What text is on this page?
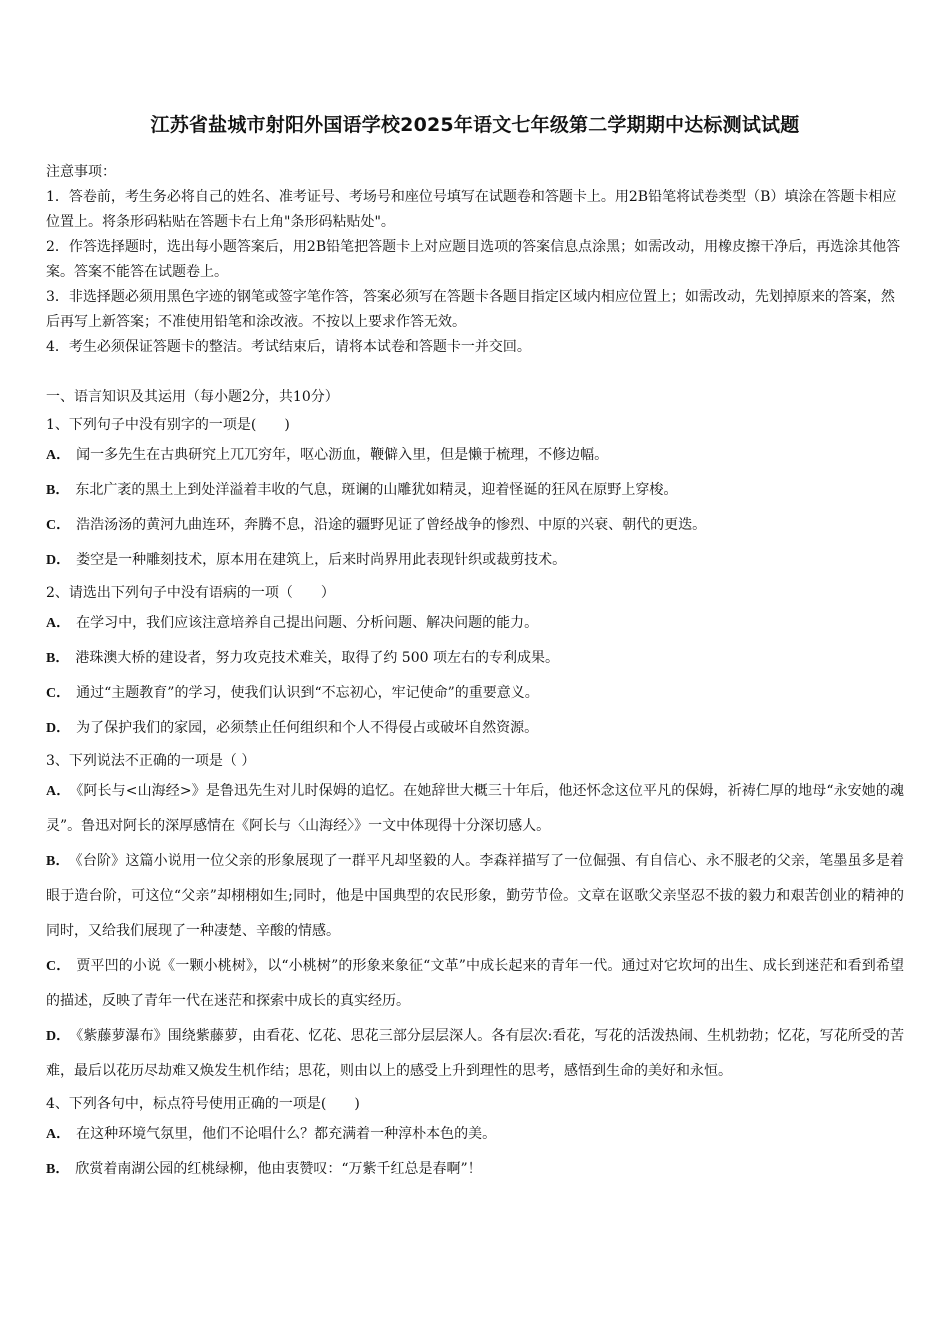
江苏省盐城市射阳外国语学校2025年语文七年级第二学期期中达标测试试题

注意事项：

1．答卷前，考生务必将自己的姓名、准考证号、考场号和座位号填写在试题卷和答题卡上。用2B铅笔将试卷类型（B）填涂在答题卡相应位置上。将条形码粘贴在答题卡右上角"条形码粘贴处"。

2．作答选择题时，选出每小题答案后，用2B铅笔把答题卡上对应题目选项的答案信息点涂黑；如需改动，用橡皮擦干净后，再选涂其他答案。答案不能答在试题卷上。

3．非选择题必须用黑色字迹的钢笔或签字笔作答，答案必须写在答题卡各题目指定区域内相应位置上；如需改动，先划掉原来的答案，然后再写上新答案；不准使用铅笔和涂改液。不按以上要求作答无效。

4．考生必须保证答题卡的整洁。考试结束后，请将本试卷和答题卡一并交回。

一、语言知识及其运用（每小题2分，共10分）

1、下列句子中没有别字的一项是(　　)

A． 闻一多先生在古典研究上兀兀穷年，呕心沥血，鞭僻入里，但是懒于梳理，不修边幅。

B． 东北广袤的黑土上到处洋溢着丰收的气息，斑谰的山雕犹如精灵，迎着怪诞的狂风在原野上穿梭。

C． 浩浩汤汤的黄河九曲连环，奔腾不息，沿途的疆野见证了曾经战争的惨烈、中原的兴衰、朝代的更迭。

D． 娄空是一种雕刻技术，原本用在建筑上，后来时尚界用此表现针织或裁剪技术。

2、请选出下列句子中没有语病的一项（　　）

A． 在学习中，我们应该注意培养自己提出问题、分析问题、解决问题的能力。

B． 港珠澳大桥的建设者，努力攻克技术难关，取得了约 500 项左右的专利成果。

C． 通过“主题教育”的学习，使我们认识到“不忘初心，牢记使命”的重要意义。

D． 为了保护我们的家园，必须禁止任何组织和个人不得侵占或破坏自然资源。

3、下列说法不正确的一项是（ ）

A． 《阿长与<山海经>》是鲁迅先生对儿时保姆的追忆。在她辞世大概三十年后，他还怀念这位平凡的保姆，祈祷仁厚的地母“永安她的魂灵”。鲁迅对阿长的深厚感情在《阿长与〈山海经〉》一文中体现得十分深切感人。

B． 《台阶》这篇小说用一位父亲的形象展现了一群平凡却坚毅的人。李森祥描写了一位倔强、有自信心、永不服老的父亲，笔墨虽多是着眼于造台阶，可这位“父亲”却栩栩如生;同时，他是中国典型的农民形象，勤劳节俭。文章在讴歌父亲坚忍不拔的毅力和艰苦创业的精神的同时，又给我们展现了一种凄楚、辛酸的情感。

C． 贾平凹的小说《一颗小桃树》，以“小桃树”的形象来象征“文革”中成长起来的青年一代。通过对它坎坷的出生、成长到迷茫和看到希望的描述，反映了青年一代在迷茫和探索中成长的真实经历。

D． 《紫藤萝瀑布》围绕紫藤萝，由看花、忆花、思花三部分层层深人。各有层次:看花，写花的活泼热闹、生机勃勃；忆花，写花所受的苦难，最后以花历尽劫难又焕发生机作结；思花，则由以上的感受上升到理性的思考，感悟到生命的美好和永恒。

4、下列各句中，标点符号使用正确的一项是(　　)

A． 在这种环境气氛里，他们不论唱什么？都充满着一种淳朴本色的美。

B． 欣赏着南湖公园的红桃绿柳，他由衷赞叹：“万紫千红总是春啊”！
